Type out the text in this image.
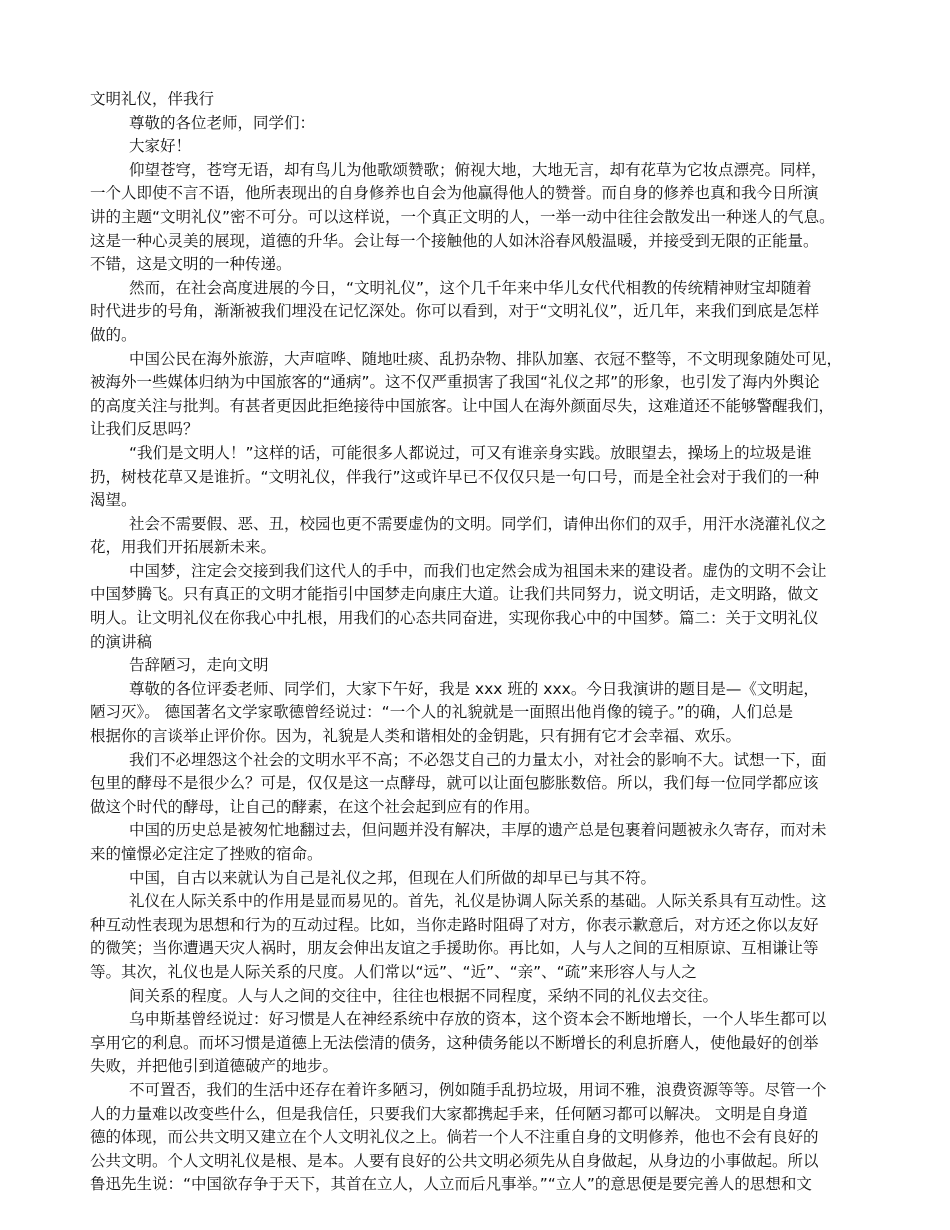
文明礼仪，伴我行
尊敬的各位老师，同学们：
大家好！
仰望苍穹，苍穹无语，却有鸟儿为他歌颂赞歌；俯视大地，大地无言，却有花草为它妆点漂亮。同样，
一个人即使不言不语，他所表现出的自身修养也自会为他赢得他人的赞誉。而自身的修养也真和我今日所演
讲的主题“文明礼仪”密不可分。可以这样说，一个真正文明的人，一举一动中往往会散发出一种迷人的气息。
这是一种心灵美的展现，道德的升华。会让每一个接触他的人如沐浴春风般温暖，并接受到无限的正能量。
不错，这是文明的一种传递。
然而，在社会高度进展的今日，“文明礼仪”，这个几千年来中华儿女代代相教的传统精神财宝却随着
时代进步的号角，渐渐被我们埋没在记忆深处。你可以看到，对于“文明礼仪”，近几年，来我们到底是怎样
做的。
中国公民在海外旅游，大声喧哗、随地吐痰、乱扔杂物、排队加塞、衣冠不整等，不文明现象随处可见，
被海外一些媒体归纳为中国旅客的“通病”。这不仅严重损害了我国“礼仪之邦”的形象，也引发了海内外舆论
的高度关注与批判。有甚者更因此拒绝接待中国旅客。让中国人在海外颜面尽失，这难道还不能够警醒我们，
让我们反思吗？
“我们是文明人！”这样的话，可能很多人都说过，可又有谁亲身实践。放眼望去，操场上的垃圾是谁
扔，树枝花草又是谁折。“文明礼仪，伴我行”这或许早已不仅仅只是一句口号，而是全社会对于我们的一种
渴望。
社会不需要假、恶、丑，校园也更不需要虚伪的文明。同学们，请伸出你们的双手，用汗水浇灌礼仪之
花，用我们开拓展新未来。
中国梦，注定会交接到我们这代人的手中，而我们也定然会成为祖国未来的建设者。虚伪的文明不会让
中国梦腾飞。只有真正的文明才能指引中国梦走向康庄大道。让我们共同努力，说文明话，走文明路，做文
明人。让文明礼仪在你我心中扎根，用我们的心态共同奋进，实现你我心中的中国梦。篇二：关于文明礼仪
的演讲稿
告辞陋习，走向文明
尊敬的各位评委老师、同学们，大家下午好，我是 xxx 班的 xxx。今日我演讲的题目是—《文明起，
陋习灭》。 德国著名文学家歌德曾经说过：“一个人的礼貌就是一面照出他肖像的镜子。”的确，人们总是
根据你的言谈举止评价你。因为，礼貌是人类和谐相处的金钥匙，只有拥有它才会幸福、欢乐。
我们不必埋怨这个社会的文明水平不高；不必怨艾自己的力量太小，对社会的影响不大。试想一下，面
包里的酵母不是很少么？可是，仅仅是这一点酵母，就可以让面包膨胀数倍。所以，我们每一位同学都应该
做这个时代的酵母，让自己的酵素，在这个社会起到应有的作用。
中国的历史总是被匆忙地翻过去，但问题并没有解决，丰厚的遗产总是包裹着问题被永久寄存，而对未
来的憧憬必定注定了挫败的宿命。
中国，自古以来就认为自己是礼仪之邦，但现在人们所做的却早已与其不符。
礼仪在人际关系中的作用是显而易见的。首先，礼仪是协调人际关系的基础。人际关系具有互动性。这
种互动性表现为思想和行为的互动过程。比如，当你走路时阻碍了对方，你表示歉意后，对方还之你以友好
的微笑；当你遭遇天灾人祸时，朋友会伸出友谊之手援助你。再比如，人与人之间的互相原谅、互相谦让等
等。其次，礼仪也是人际关系的尺度。人们常以“远”、“近”、“亲”、“疏”来形容人与人之
间关系的程度。人与人之间的交往中，往往也根据不同程度，采纳不同的礼仪去交往。
乌申斯基曾经说过：好习惯是人在神经系统中存放的资本，这个资本会不断地增长，一个人毕生都可以
享用它的利息。而坏习惯是道德上无法偿清的债务，这种债务能以不断增长的利息折磨人，使他最好的创举
失败，并把他引到道德破产的地步。
不可置否，我们的生活中还存在着许多陋习，例如随手乱扔垃圾，用词不雅，浪费资源等等。尽管一个
人的力量难以改变些什么，但是我信任，只要我们大家都携起手来，任何陋习都可以解决。 文明是自身道
德的体现，而公共文明又建立在个人文明礼仪之上。倘若一个人不注重自身的文明修养，他也不会有良好的
公共文明。个人文明礼仪是根、是本。人要有良好的公共文明必须先从自身做起，从身边的小事做起。所以
鲁迅先生说：“中国欲存争于天下，其首在立人，人立而后凡事举。”“立人”的意思便是要完善人的思想和文
